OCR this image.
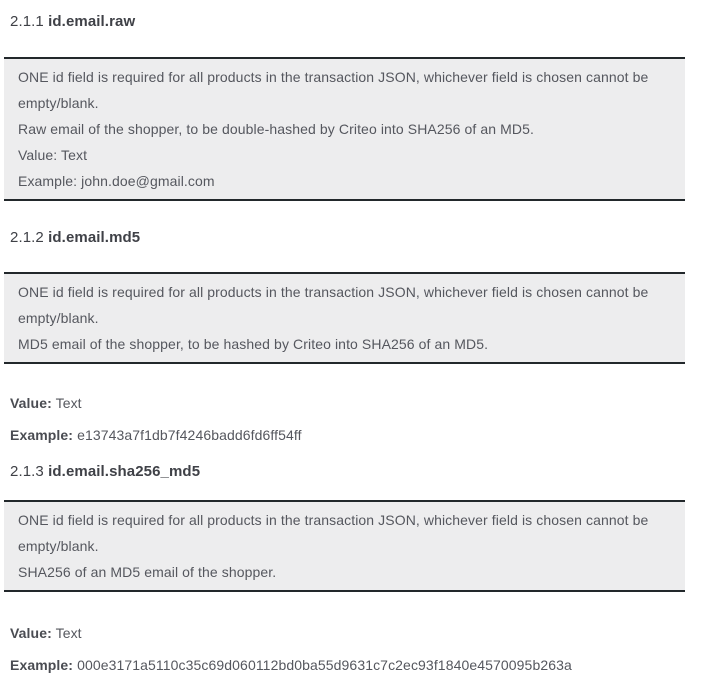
2.1.1 id.email.raw
ONE id field is required for all products in the transaction JSON, whichever field is chosen cannot be
empty/blank.
Raw email of the shopper, to be double-hashed by Criteo into SHA256 of an MD5.
Value: Text
Example: john.doe@gmail.com
2.1.2 id.email.md5
ONE id field is required for all products in the transaction JSON, whichever field is chosen cannot be
empty/blank.
MD5 email of the shopper, to be hashed by Criteo into SHA256 of an MD5.

Value: Text

Example: e13743a7f1db7f4246badd6fd6ff54ff

2.1.3 id.email.sha256_md5
ONE id field is required for all products in the transaction JSON, whichever field is chosen cannot be
empty/blank.
SHA256 of an MD5 email of the shopper.

Value: Text

Example: 000e3171a5110c35c69d060112bd0ba55d9631c7c2ec93f1840e4570095b263a
